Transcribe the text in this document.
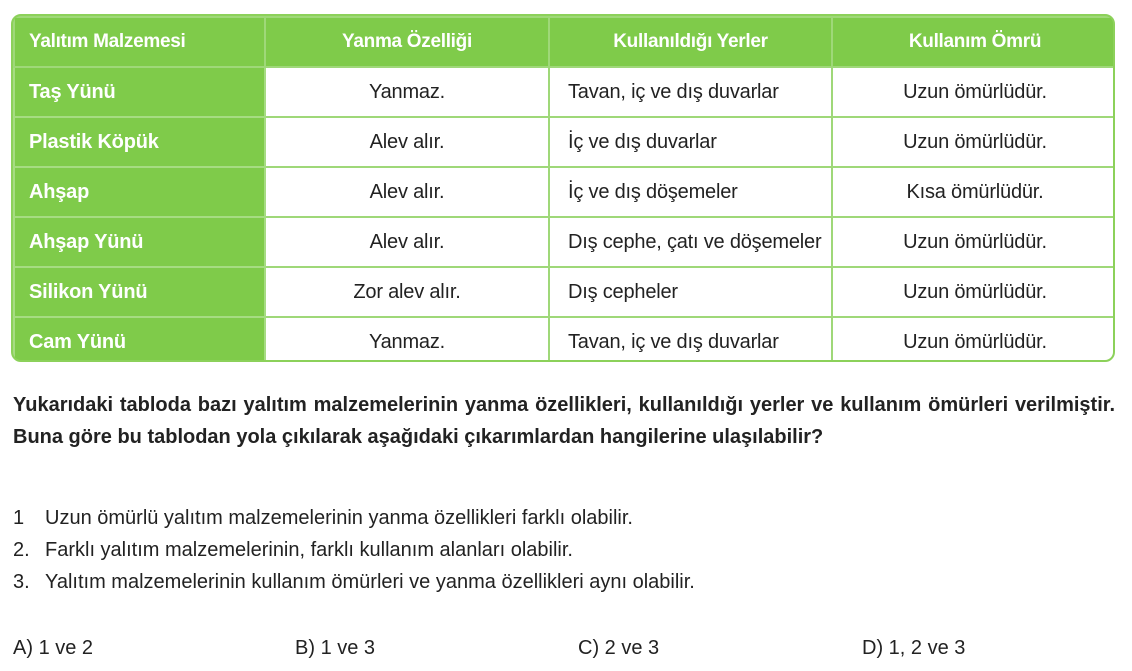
Yalıtım Malzemesi	Yanma Özelliği	Kullanıldığı Yerler	Kullanım Ömrü
Taş Yünü	Yanmaz.	Tavan, iç ve dış duvarlar	Uzun ömürlüdür.
Plastik Köpük	Alev alır.	İç ve dış duvarlar	Uzun ömürlüdür.
Ahşap	Alev alır.	İç ve dış döşemeler	Kısa ömürlüdür.
Ahşap Yünü	Alev alır.	Dış cephe, çatı ve döşemeler	Uzun ömürlüdür.
Silikon Yünü	Zor alev alır.	Dış cepheler	Uzun ömürlüdür.
Cam Yünü	Yanmaz.	Tavan, iç ve dış duvarlar	Uzun ömürlüdür.
Yukarıdaki tabloda bazı yalıtım malzemelerinin yanma özellikleri, kullanıldığı yerler ve kullanım ömürleri verilmiştir. Buna göre bu tablodan yola çıkılarak aşağıdaki çıkarımlardan hangilerine ulaşılabilir?
1 Uzun ömürlü yalıtım malzemelerinin yanma özellikleri farklı olabilir.
2. Farklı yalıtım malzemelerinin, farklı kullanım alanları olabilir.
3. Yalıtım malzemelerinin kullanım ömürleri ve yanma özellikleri aynı olabilir.
A) 1 ve 2	B) 1 ve 3	C) 2 ve 3	D) 1, 2 ve 3
